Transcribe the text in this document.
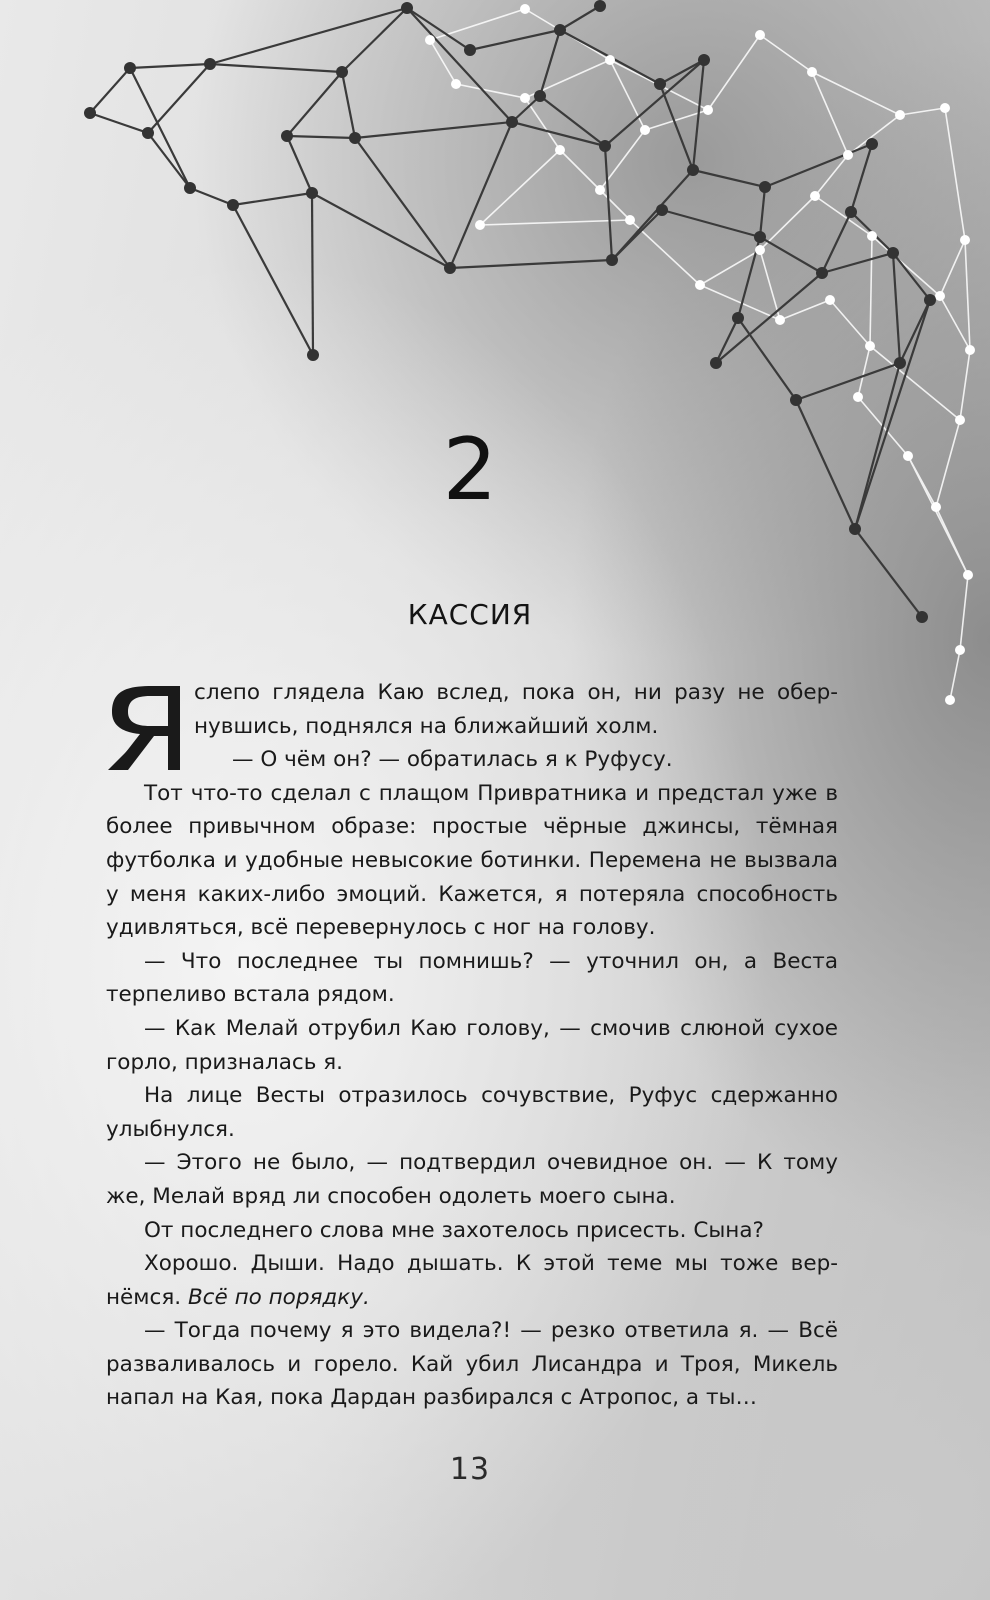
2
КАССИЯ

слепо глядела Каю вслед, пока он, ни разу не обернувшись, поднялся на ближайший холм.

— О чём он? — обратилась я к Руфусу.

Тот что-то сделал с плащом Привратника и предстал уже в более привычном образе: простые чёрные джинсы, тёмная футболка и удобные невысокие ботинки. Перемена не вызвала у меня каких-либо эмоций. Кажется, я потеряла способность удивляться, всё перевернулось с ног на голову.

— Что последнее ты помнишь? — уточнил он, а Веста терпеливо встала рядом.

— Как Мелай отрубил Каю голову, — смочив слюной сухое горло, призналась я.

На лице Весты отразилось сочувствие, Руфус сдержанно улыбнулся.

— Этого не было, — подтвердил очевидное он. — К тому же, Мелай вряд ли способен одолеть моего сына.

От последнего слова мне захотелось присесть. Сына?

Хорошо. Дыши. Надо дышать. К этой теме мы тоже вернёмся. Всё по порядку.

— Тогда почему я это видела?! — резко ответила я. — Всё разваливалось и горело. Кай убил Лисандра и Троя, Микель напал на Кая, пока Дардан разбирался с Атропос, а ты…

13
